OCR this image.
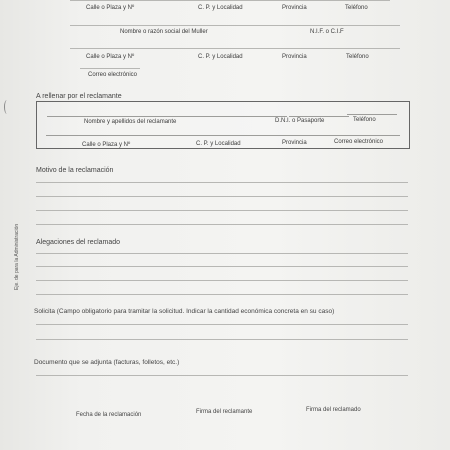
Calle o Plaza y Nº	C. P. y Localidad	Provincia	Teléfono
Nombre o razón social del Muller	N.I.F. o C.I.F
Calle o Plaza y Nº	C. P. y Localidad	Provincia	Teléfono
Correo electrónico
A rellenar por el reclamante
Nombre y apellidos del reclamante	D.N.I. o Pasaporte	Teléfono
Calle o Plaza y Nº	C. P. y Localidad	Provincia	Correo electrónico
Motivo de la reclamación
Alegaciones del reclamado
Solicita (Campo obligatorio para tramitar la solicitud. Indicar la cantidad económica concreta en su caso)
Documento que se adjunta (facturas, folletos, etc.)
Fecha de la reclamación	Firma del reclamante	Firma del reclamado
Eje. de para la Administración
